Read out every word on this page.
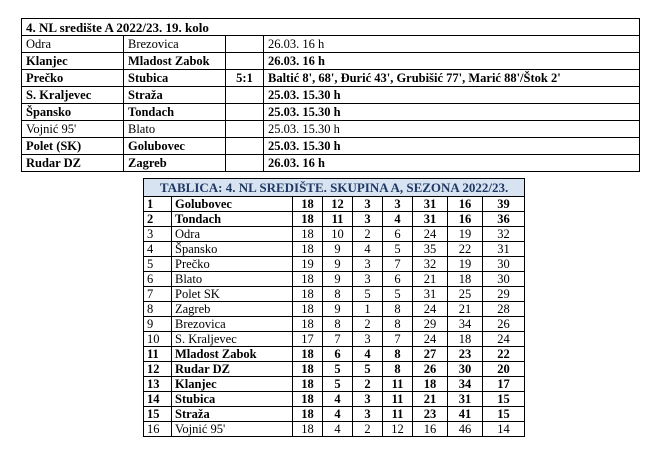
4. NL središte A 2022/23. 19. kolo			
Odra	Brezovica		26.03. 16 h
Klanjec	Mladost Zabok		26.03. 16 h
Prečko	Stubica	5:1	Baltić 8', 68', Đurić 43', Grubišić 77', Marić 88'/Štok 2'
S. Kraljevec	Straža		25.03. 15.30 h
Špansko	Tondach		25.03. 15.30 h
Vojnić 95'	Blato		25.03. 15.30 h
Polet (SK)	Golubovec		25.03. 15.30 h
Rudar DZ	Zagreb		26.03. 16 h
TABLICA: 4. NL SREDIŠTE. SKUPINA A, SEZONA 2022/23.								
1	Golubovec	18	12	3	3	31	16	39
2	Tondach	18	11	3	4	31	16	36
3	Odra	18	10	2	6	24	19	32
4	Špansko	18	9	4	5	35	22	31
5	Prečko	19	9	3	7	32	19	30
6	Blato	18	9	3	6	21	18	30
7	Polet SK	18	8	5	5	31	25	29
8	Zagreb	18	9	1	8	24	21	28
9	Brezovica	18	8	2	8	29	34	26
10	S. Kraljevec	17	7	3	7	24	18	24
11	Mladost Zabok	18	6	4	8	27	23	22
12	Rudar DZ	18	5	5	8	26	30	20
13	Klanjec	18	5	2	11	18	34	17
14	Stubica	18	4	3	11	21	31	15
15	Straža	18	4	3	11	23	41	15
16	Vojnić 95'	18	4	2	12	16	46	14
